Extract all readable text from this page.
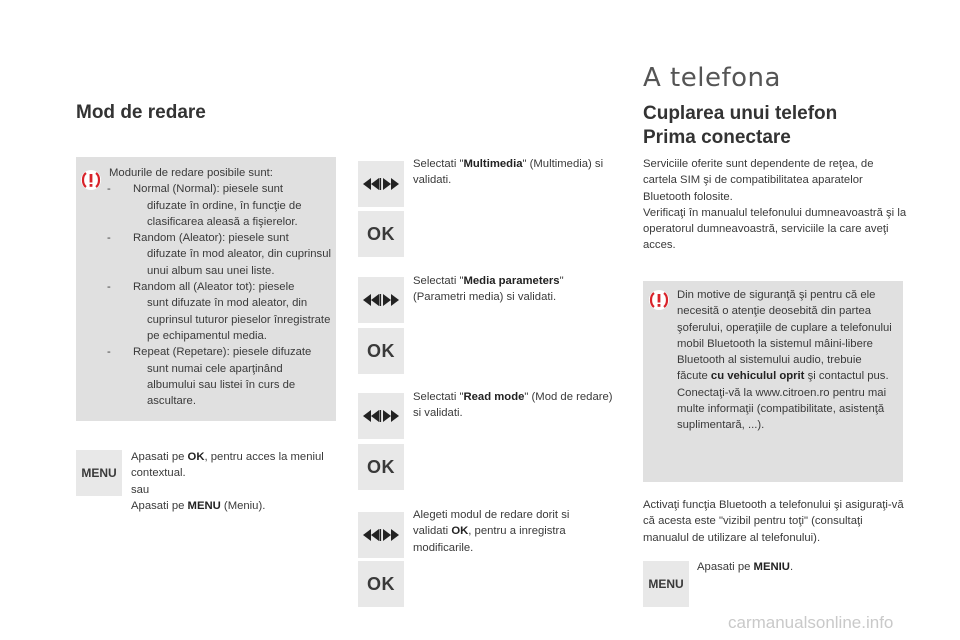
A telefona
Mod de redare	Cuplarea unui telefon
Prima conectare
Modurile de redare posibile sunt:
- Normal (Normal): piesele sunt
difuzate în ordine, în funcţie de clasificarea aleasă a fişierelor.
- Random (Aleator): piesele sunt
difuzate în mod aleator, din cuprinsul unui album sau unei liste.
- Random all (Aleator tot): piesele
sunt difuzate în mod aleator, din cuprinsul tuturor pieselor înregistrate pe echipamentul media.
- Repeat (Repetare): piesele difuzate
sunt numai cele aparţinând albumului sau listei în curs de ascultare.
MENU
Apasati pe OK, pentru acces la meniul contextual.
sau
Apasati pe MENU (Meniu).
Selectati "Multimedia" (Multimedia) si validati.
OK
Selectati "Media parameters" (Parametri media) si validati.
OK
Selectati "Read mode" (Mod de redare) si validati.
OK
Alegeti modul de redare dorit si validati OK, pentru a inregistra modificarile.
OK
Serviciile oferite sunt dependente de reţea, de cartela SIM şi de compatibilitatea aparatelor Bluetooth folosite.
Verificaţi în manualul telefonului dumneavoastră şi la operatorul dumneavoastră, serviciile la care aveţi acces.
Din motive de siguranţă şi pentru că ele necesită o atenţie deosebită din partea şoferului, operaţiile de cuplare a telefonului mobil Bluetooth la sistemul mâini-libere Bluetooth al sistemului audio, trebuie făcute cu vehiculul oprit şi contactul pus.
Conectaţi-vă la www.citroen.ro pentru mai multe informaţii (compatibilitate, asistenţă suplimentară, ...).
Activaţi funcţia Bluetooth a telefonului şi asiguraţi-vă că acesta este "vizibil pentru toţi" (consultaţi manualul de utilizare al telefonului).
MENU
Apasati pe MENIU.
carmanualsonline.info
